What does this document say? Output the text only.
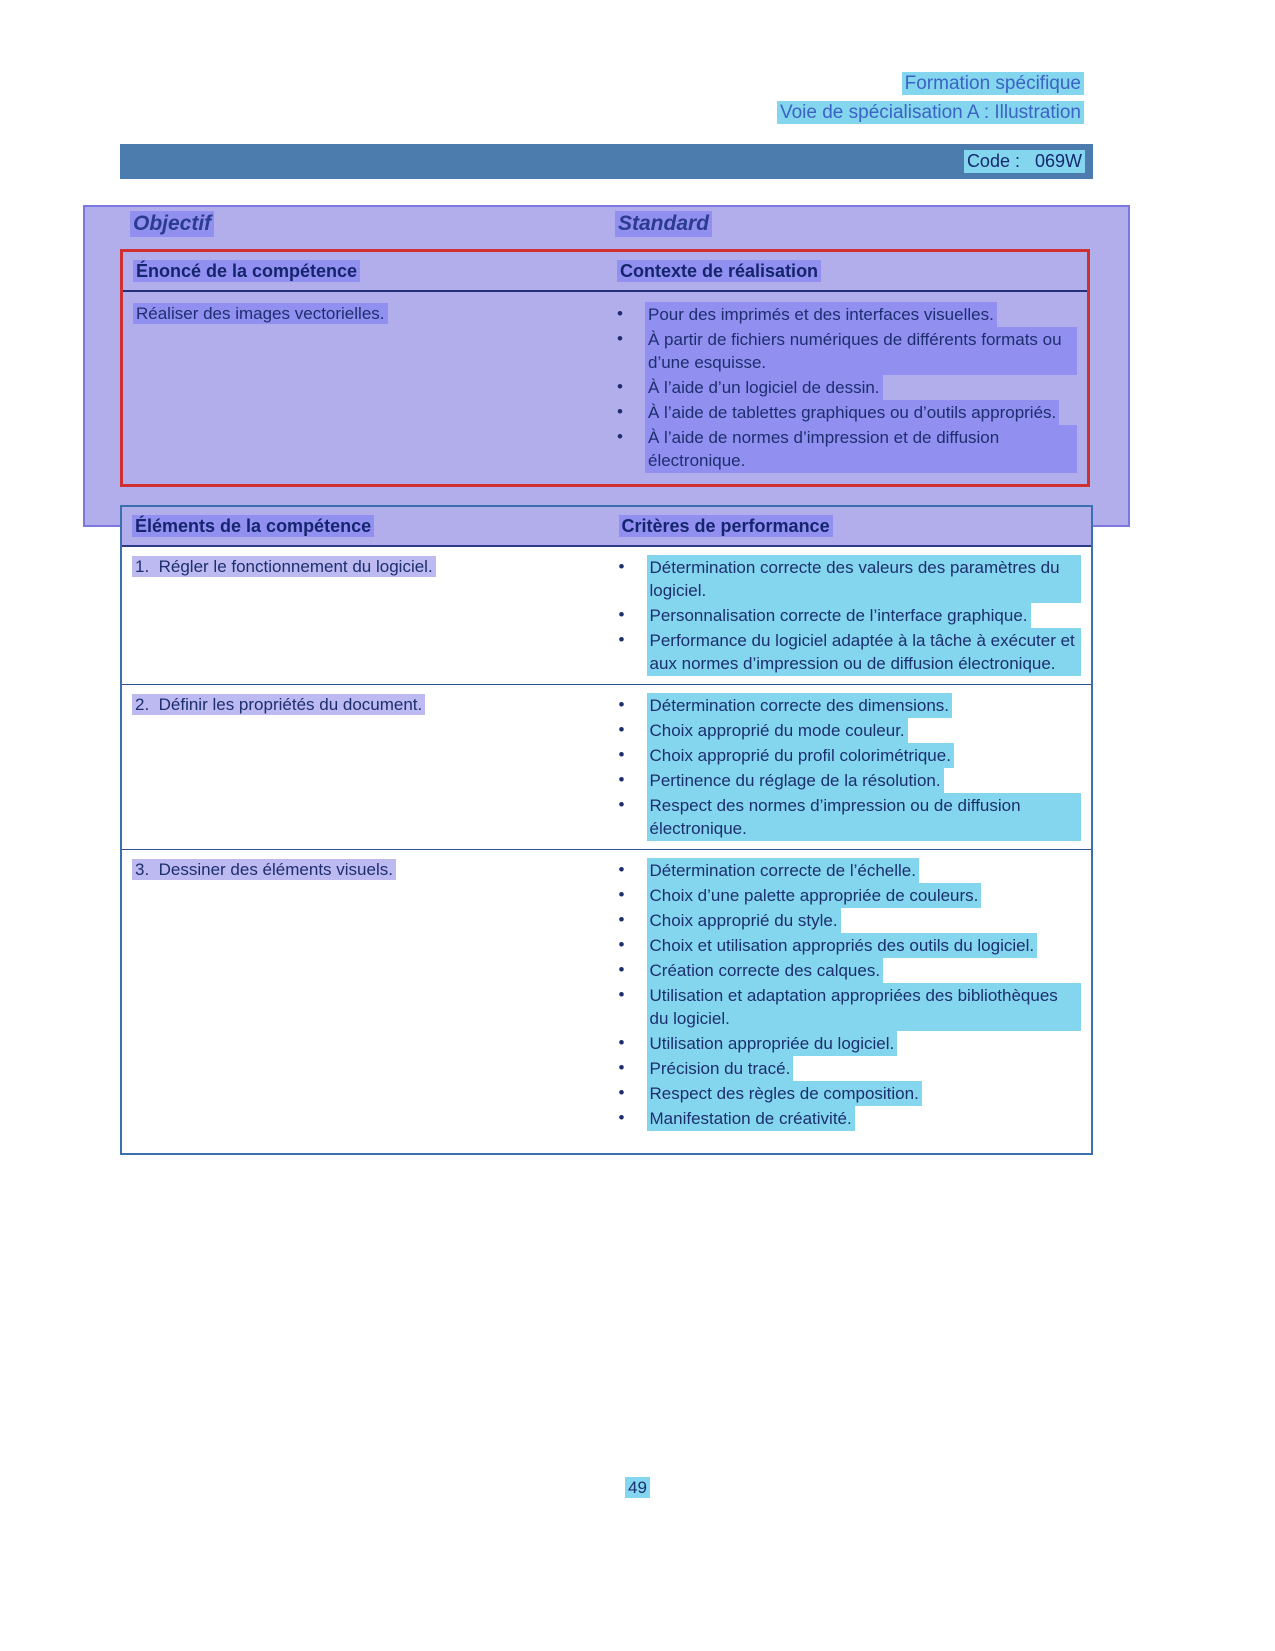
Formation spécifique
Voie de spécialisation A : Illustration
Code :   069W
Objectif	Standard
Énoncé de la compétence	Contexte de réalisation
Réaliser des images vectorielles.	•	Pour des imprimés et des interfaces visuelles.
•	À partir de fichiers numériques de différents formats ou d’une esquisse.
•	À l’aide d’un logiciel de dessin.
•	À l’aide de tablettes graphiques ou d’outils appropriés.
•	À l’aide de normes d’impression et de diffusion électronique.
Éléments de la compétence	Critères de performance
1.  Régler le fonctionnement du logiciel.	•	Détermination correcte des valeurs des paramètres du logiciel.
•	Personnalisation correcte de l’interface graphique.
•	Performance du logiciel adaptée à la tâche à exécuter et aux normes d’impression ou de diffusion électronique.
2.  Définir les propriétés du document.	•	Détermination correcte des dimensions.
•	Choix approprié du mode couleur.
•	Choix approprié du profil colorimétrique.
•	Pertinence du réglage de la résolution.
•	Respect des normes d’impression ou de diffusion électronique.
3.  Dessiner des éléments visuels.	•	Détermination correcte de l’échelle.
•	Choix d’une palette appropriée de couleurs.
•	Choix approprié du style.
•	Choix et utilisation appropriés des outils du logiciel.
•	Création correcte des calques.
•	Utilisation et adaptation appropriées des bibliothèques du logiciel.
•	Utilisation appropriée du logiciel.
•	Précision du tracé.
•	Respect des règles de composition.
•	Manifestation de créativité.
49
